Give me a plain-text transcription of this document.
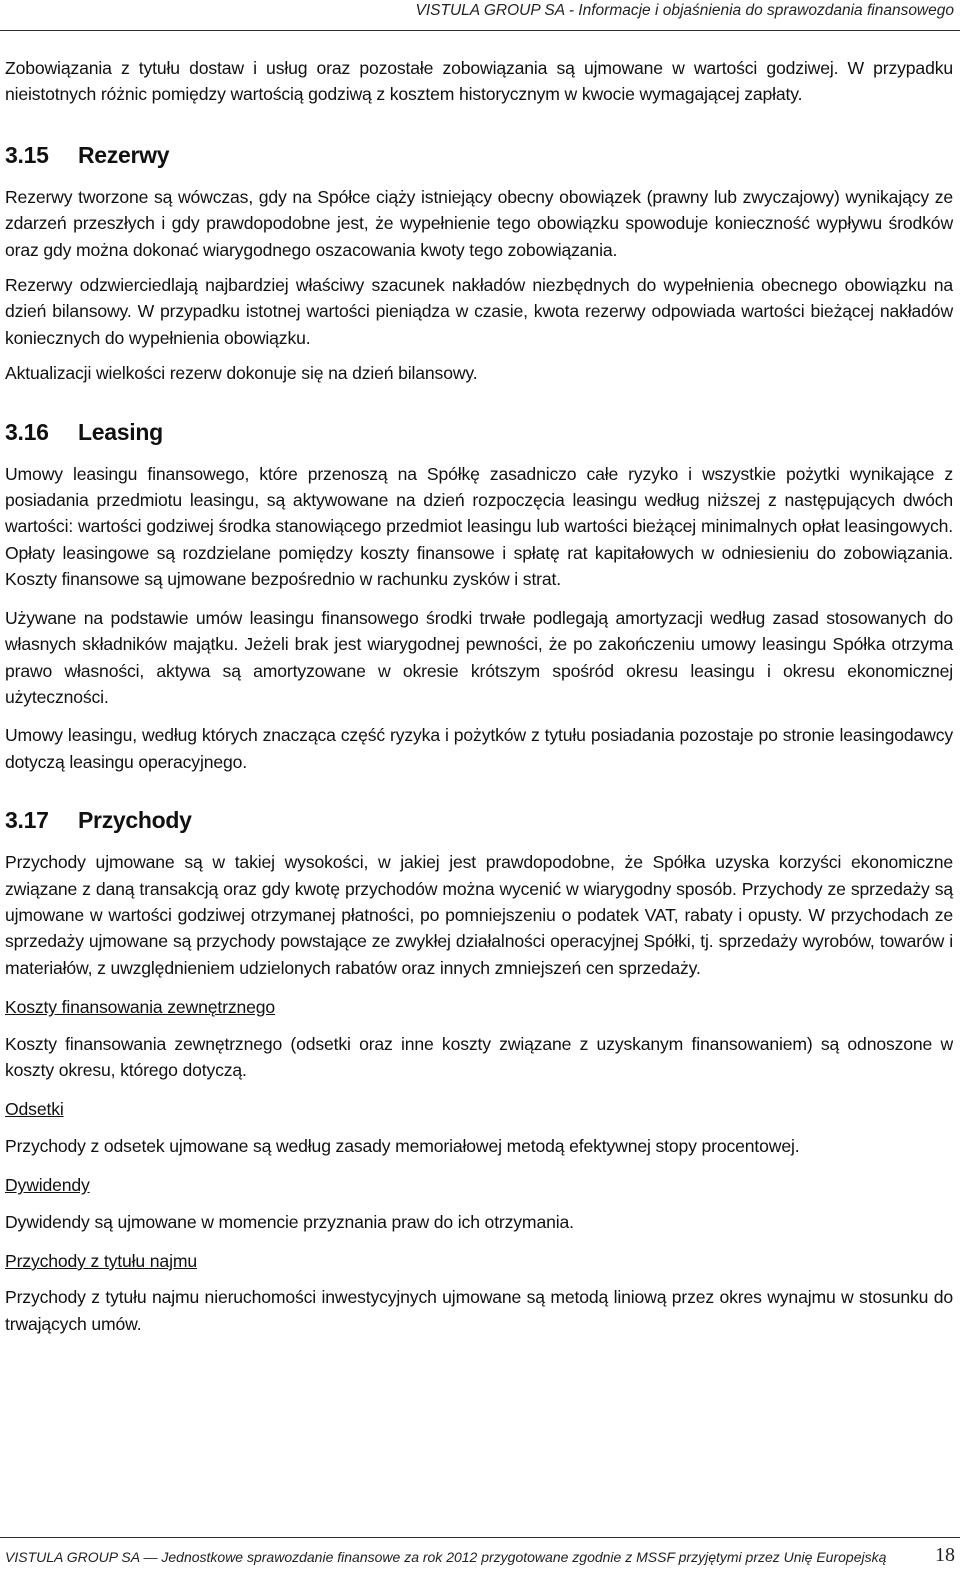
VISTULA GROUP SA - Informacje i objaśnienia do sprawozdania finansowego

Zobowiązania z tytułu dostaw i usług oraz pozostałe zobowiązania są ujmowane w wartości godziwej. W przypadku nieistotnych różnic pomiędzy wartością godziwą z kosztem historycznym w kwocie wymagającej zapłaty.

3.15	Rezerwy

Rezerwy tworzone są wówczas, gdy na Spółce ciąży istniejący obecny obowiązek (prawny lub zwyczajowy) wynikający ze zdarzeń przeszłych i gdy prawdopodobne jest, że wypełnienie tego obowiązku spowoduje konieczność wypływu środków oraz gdy można dokonać wiarygodnego oszacowania kwoty tego zobowiązania.

Rezerwy odzwierciedlają najbardziej właściwy szacunek nakładów niezbędnych do wypełnienia obecnego obowiązku na dzień bilansowy. W przypadku istotnej wartości pieniądza w czasie, kwota rezerwy odpowiada wartości bieżącej nakładów koniecznych do wypełnienia obowiązku.

Aktualizacji wielkości rezerw dokonuje się na dzień bilansowy.

3.16	Leasing

Umowy leasingu finansowego, które przenoszą na Spółkę zasadniczo całe ryzyko i wszystkie pożytki wynikające z posiadania przedmiotu leasingu, są aktywowane na dzień rozpoczęcia leasingu według niższej z następujących dwóch wartości: wartości godziwej środka stanowiącego przedmiot leasingu lub wartości bieżącej minimalnych opłat leasingowych. Opłaty leasingowe są rozdzielane pomiędzy koszty finansowe i spłatę rat kapitałowych w odniesieniu do zobowiązania. Koszty finansowe są ujmowane bezpośrednio w rachunku zysków i strat.

Używane na podstawie umów leasingu finansowego środki trwałe podlegają amortyzacji według zasad stosowanych do własnych składników majątku. Jeżeli brak jest wiarygodnej pewności, że po zakończeniu umowy leasingu Spółka otrzyma prawo własności, aktywa są amortyzowane w okresie krótszym spośród okresu leasingu i okresu ekonomicznej użyteczności.

Umowy leasingu, według których znacząca część ryzyka i pożytków z tytułu posiadania pozostaje po stronie leasingodawcy dotyczą leasingu operacyjnego.

3.17	Przychody

Przychody ujmowane są w takiej wysokości, w jakiej jest prawdopodobne, że Spółka uzyska korzyści ekonomiczne związane z daną transakcją oraz gdy kwotę przychodów można wycenić w wiarygodny sposób. Przychody ze sprzedaży są ujmowane w wartości godziwej otrzymanej płatności, po pomniejszeniu o podatek VAT, rabaty i opusty. W przychodach ze sprzedaży ujmowane są przychody powstające ze zwykłej działalności operacyjnej Spółki, tj. sprzedaży wyrobów, towarów i materiałów, z uwzględnieniem udzielonych rabatów oraz innych zmniejszeń cen sprzedaży.

Koszty finansowania zewnętrznego

Koszty finansowania zewnętrznego (odsetki oraz inne koszty związane z uzyskanym finansowaniem) są odnoszone w koszty okresu, którego dotyczą.

Odsetki

Przychody z odsetek ujmowane są według zasady memoriałowej metodą efektywnej stopy procentowej.

Dywidendy

Dywidendy są ujmowane w momencie przyznania praw do ich otrzymania.

Przychody z tytułu najmu

Przychody z tytułu najmu nieruchomości inwestycyjnych ujmowane są metodą liniową przez okres wynajmu w stosunku do trwających umów.

VISTULA GROUP SA — Jednostkowe sprawozdanie finansowe za rok 2012 przygotowane zgodnie z MSSF przyjętymi przez Unię Europejską 18
